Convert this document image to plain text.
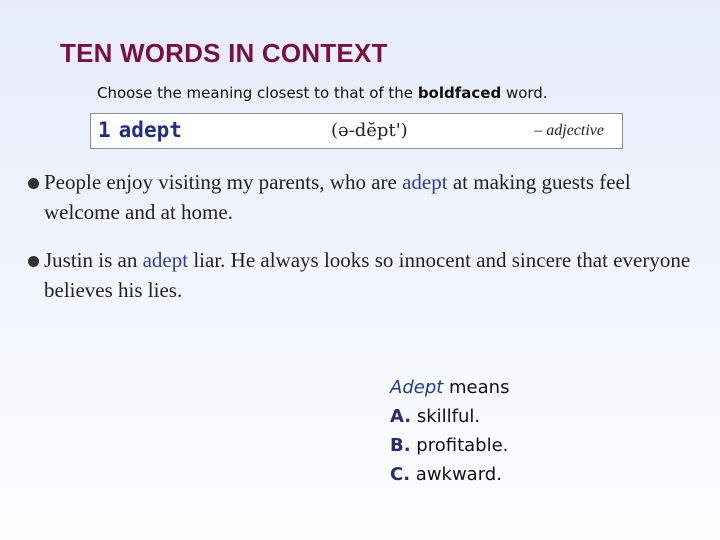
TEN WORDS IN CONTEXT
Choose the meaning closest to that of the boldfaced word.
1 adept	(ə-dĕpt')	– adjective
People enjoy visiting my parents, who are adept at making guests feel welcome and at home.
Justin is an adept liar. He always looks so innocent and sincere that everyone believes his lies.
Adept means
A. skillful.
B. profitable.
C. awkward.
